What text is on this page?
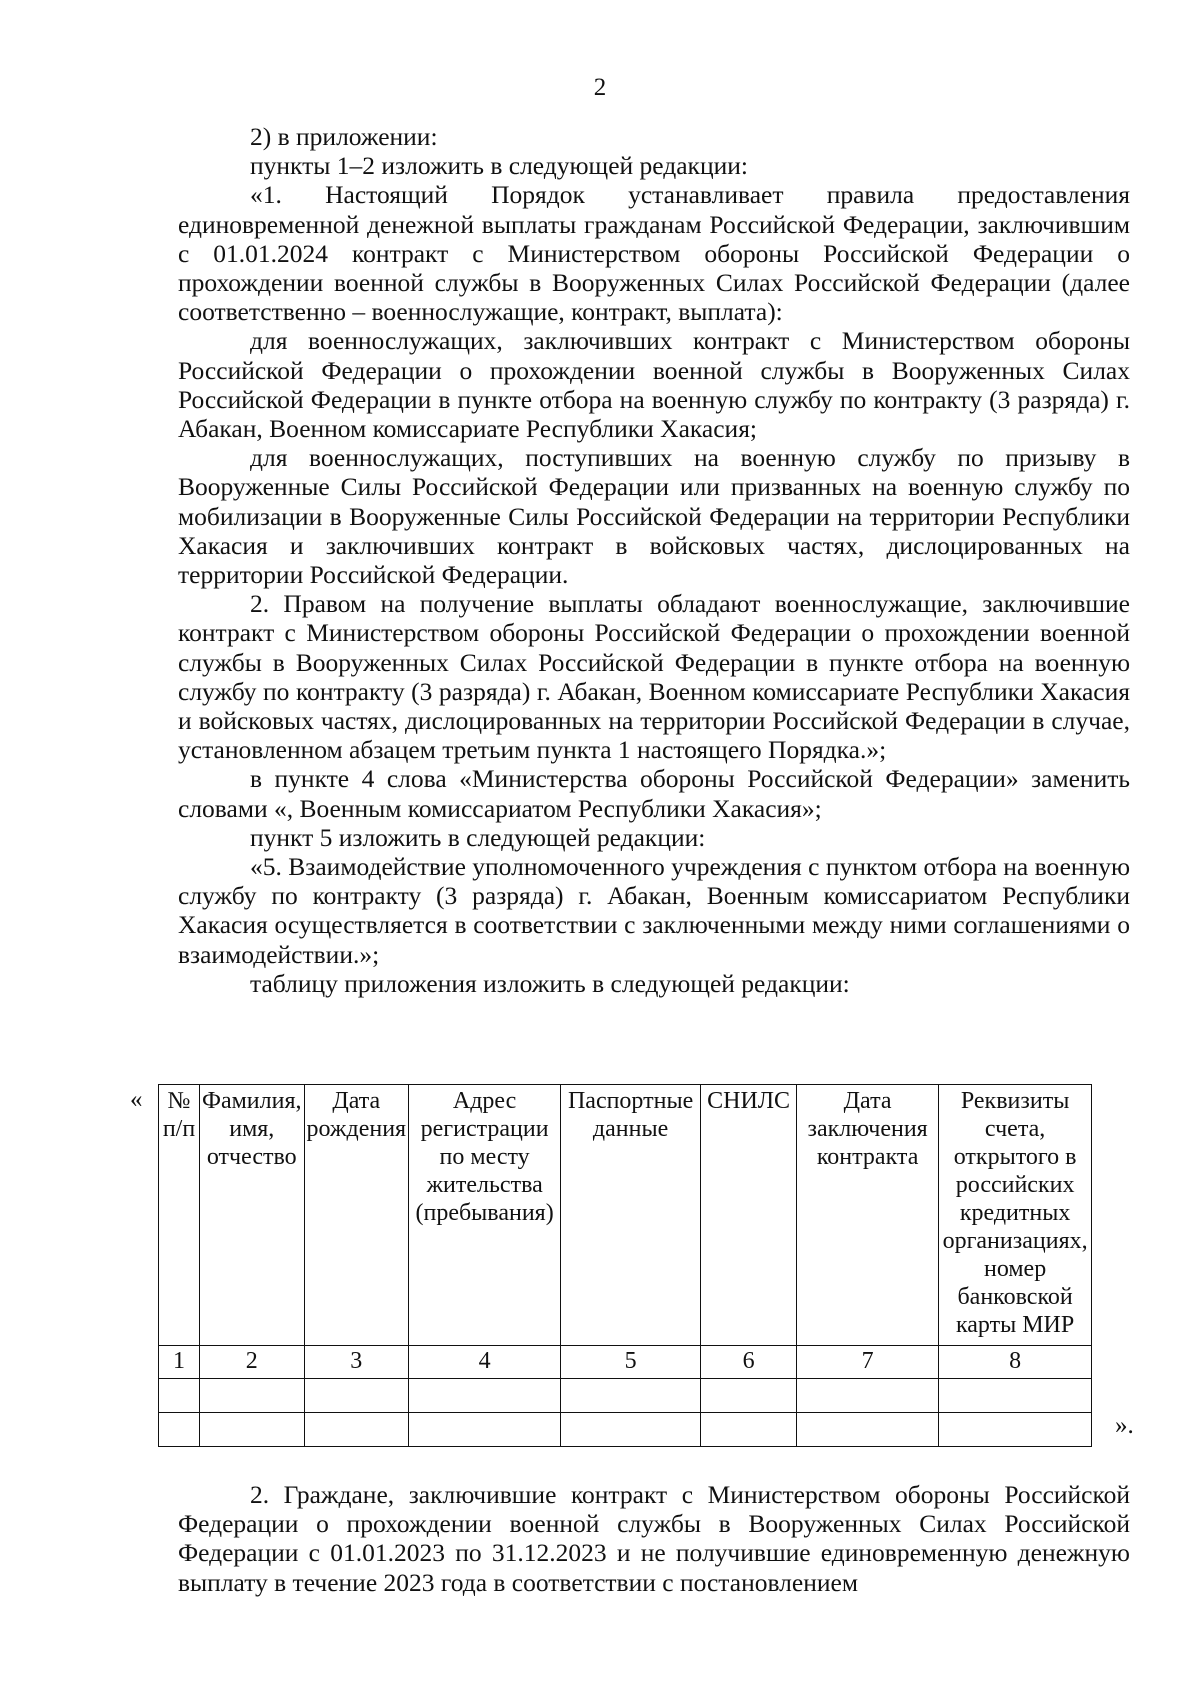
2

2) в приложении:

пункты 1–2 изложить в следующей редакции:

«1. Настоящий Порядок устанавливает правила предоставления единовременной денежной выплаты гражданам Российской Федерации, заключившим с 01.01.2024 контракт с Министерством обороны Российской Федерации о прохождении военной службы в Вооруженных Силах Российской Федерации (далее соответственно – военнослужащие, контракт, выплата):

для военнослужащих, заключивших контракт с Министерством обороны Российской Федерации о прохождении военной службы в Вооруженных Силах Российской Федерации в пункте отбора на военную службу по контракту (3 разряда) г. Абакан, Военном комиссариате Республики Хакасия;

для военнослужащих, поступивших на военную службу по призыву в Вооруженные Силы Российской Федерации или призванных на военную службу по мобилизации в Вооруженные Силы Российской Федерации на территории Республики Хакасия и заключивших контракт в войсковых частях, дислоцированных на территории Российской Федерации.

2. Правом на получение выплаты обладают военнослужащие, заключившие контракт с Министерством обороны Российской Федерации о прохождении военной службы в Вооруженных Силах Российской Федерации в пункте отбора на военную службу по контракту (3 разряда) г. Абакан, Военном комиссариате Республики Хакасия и войсковых частях, дислоцированных на территории Российской Федерации в случае, установленном абзацем третьим пункта 1 настоящего Порядка.»;

в пункте 4 слова «Министерства обороны Российской Федерации» заменить словами «, Военным комиссариатом Республики Хакасия»;

пункт 5 изложить в следующей редакции:

«5. Взаимодействие уполномоченного учреждения с пунктом отбора на военную службу по контракту (3 разряда) г. Абакан, Военным комиссариатом Республики Хакасия осуществляется в соответствии с заключенными между ними соглашениями о взаимодействии.»;

таблицу приложения изложить в следующей редакции:

« № п/п	Фамилия, имя, отчество	Дата рождения	Адрес регистрации по месту жительства (пребывания)	Паспортные данные	СНИЛС	Дата заключения контракта	Реквизиты счета, открытого в российских кредитных организациях, номер банковской карты МИР
1	2	3	4	5	6	7	8

».

2. Граждане, заключившие контракт с Министерством обороны Российской Федерации о прохождении военной службы в Вооруженных Силах Российской Федерации с 01.01.2023 по 31.12.2023 и не получившие единовременную денежную выплату в течение 2023 года в соответствии с постановлением
